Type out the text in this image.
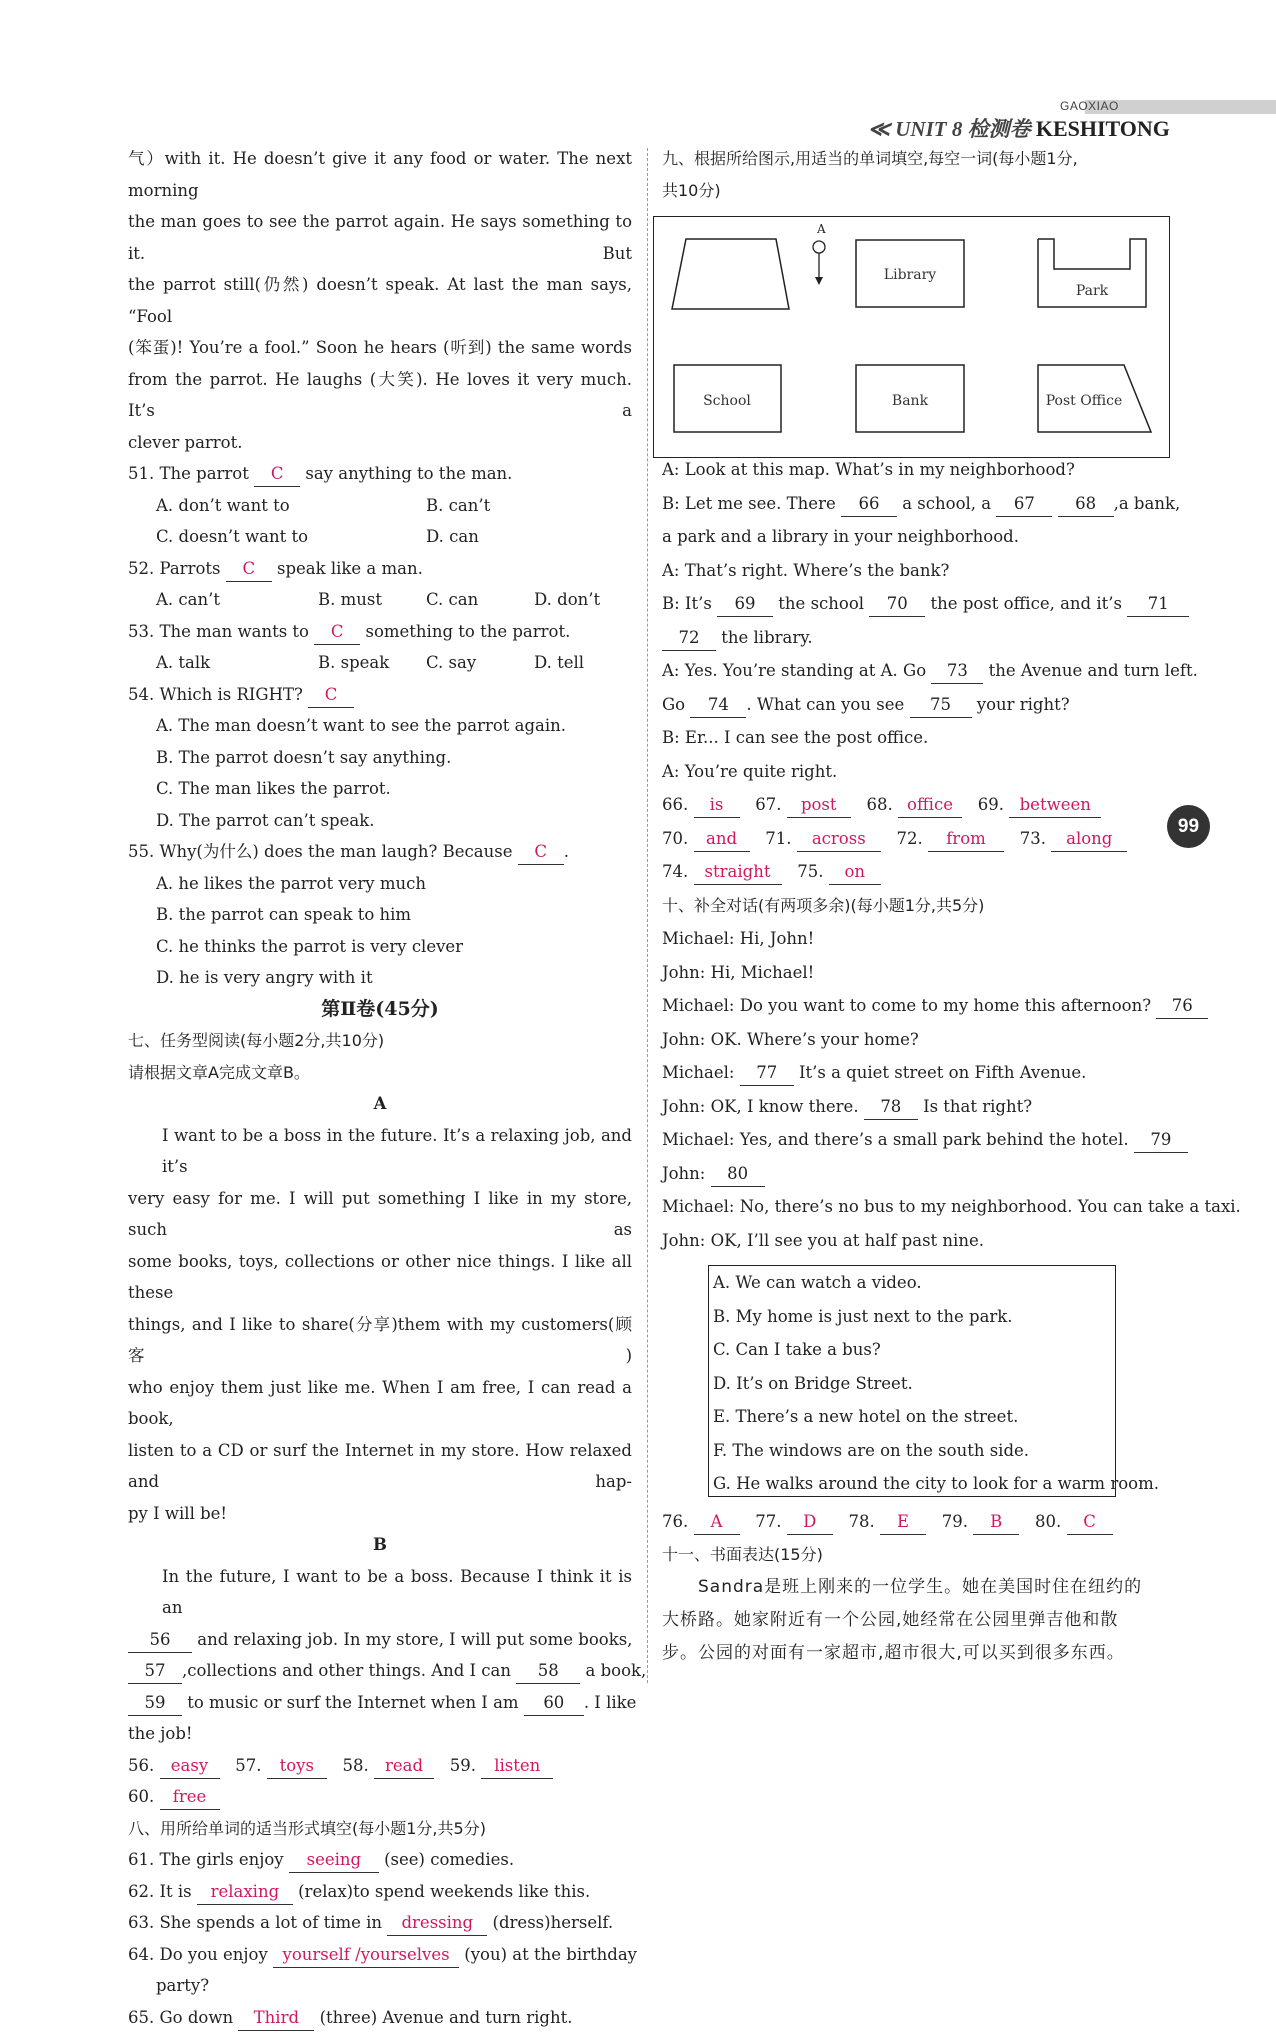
GAOXIAO
≪ UNIT 8 检测卷 KESHITONG
气）with it. He doesn’t give it any food or water. The next morning
the man goes to see the parrot again. He says something to it. But
the parrot still(仍然) doesn’t speak. At last the man says, “Fool
(笨蛋)! You’re a fool.” Soon he hears (听到) the same words
from the parrot. He laughs (大笑). He loves it very much. It’s a
clever parrot.
51. The parrot C say anything to the man.
A. don’t want to	B. can’t
C. doesn’t want to	D. can
52. Parrots C speak like a man.
A. can’t	B. must	C. can	D. don’t
53. The man wants to C something to the parrot.
A. talk	B. speak C. say	D. tell
54. Which is RIGHT? C
A. The man doesn’t want to see the parrot again.
B. The parrot doesn’t say anything.
C. The man likes the parrot.
D. The parrot can’t speak.
55. Why(为什么) does the man laugh? Because C .
A. he likes the parrot very much
B. the parrot can speak to him
C. he thinks the parrot is very clever
D. he is very angry with it
第Ⅱ卷(45分)
七、任务型阅读(每小题2分,共10分)
请根据文章A完成文章B。
A
I want to be a boss in the future. It’s a relaxing job, and it’s
very easy for me. I will put something I like in my store, such as
some books, toys, collections or other nice things. I like all these
things, and I like to share(分享)them with my customers(顾客)
who enjoy them just like me. When I am free, I can read a book,
listen to a CD or surf the Internet in my store. How relaxed and hap-
py I will be!
B
In the future, I want to be a boss. Because I think it is an
56 and relaxing job. In my store, I will put some books,
57 ,collections and other things. And I can 58 a book,
59 to music or surf the Internet when I am 60 . I like
the job!
56. easy 57. toys 58. read 59. listen
60. free
八、用所给单词的适当形式填空(每小题1分,共5分)
61. The girls enjoy seeing (see) comedies.
62. It is relaxing (relax)to spend weekends like this.
63. She spends a lot of time in dressing (dress)herself.
64. Do you enjoy yourself /yourselves (you) at the birthday
party?
65. Go down Third (three) Avenue and turn right.
九、根据所给图示,用适当的单词填空,每空一词(每小题1分,
共10分)
A
Library
Park
School	Bank	Post Office
A: Look at this map. What’s in my neighborhood?
B: Let me see. There 66 a school, a 67 68 ,a bank,
a park and a library in your neighborhood.
A: That’s right. Where’s the bank?
B: It’s 69 the school 70 the post office, and it’s 71
72 the library.
A: Yes. You’re standing at A. Go 73 the Avenue and turn left.
Go 74 . What can you see 75 your right?
B: Er... I can see the post office.
A: You’re quite right.
66. is 67. post 68. office 69. between
70. and 71. across 72. from 73. along
74. straight 75. on
十、补全对话(有两项多余)(每小题1分,共5分)
Michael: Hi, John!
John: Hi, Michael!
Michael: Do you want to come to my home this afternoon? 76
John: OK. Where’s your home?
Michael: 77 It’s a quiet street on Fifth Avenue.
John: OK, I know there. 78 Is that right?
Michael: Yes, and there’s a small park behind the hotel. 79
John: 80
Michael: No, there’s no bus to my neighborhood. You can take a taxi.
John: OK, I’ll see you at half past nine.
A. We can watch a video.
B. My home is just next to the park.
C. Can I take a bus?
D. It’s on Bridge Street.
E. There’s a new hotel on the street.
F. The windows are on the south side.
G. He walks around the city to look for a warm room.
76. A 77. D 78. E 79. B 80. C
十一、书面表达(15分)
Sandra是班上刚来的一位学生。她在美国时住在纽约的
大桥路。她家附近有一个公园,她经常在公园里弹吉他和散
步。公园的对面有一家超市,超市很大,可以买到很多东西。
99
